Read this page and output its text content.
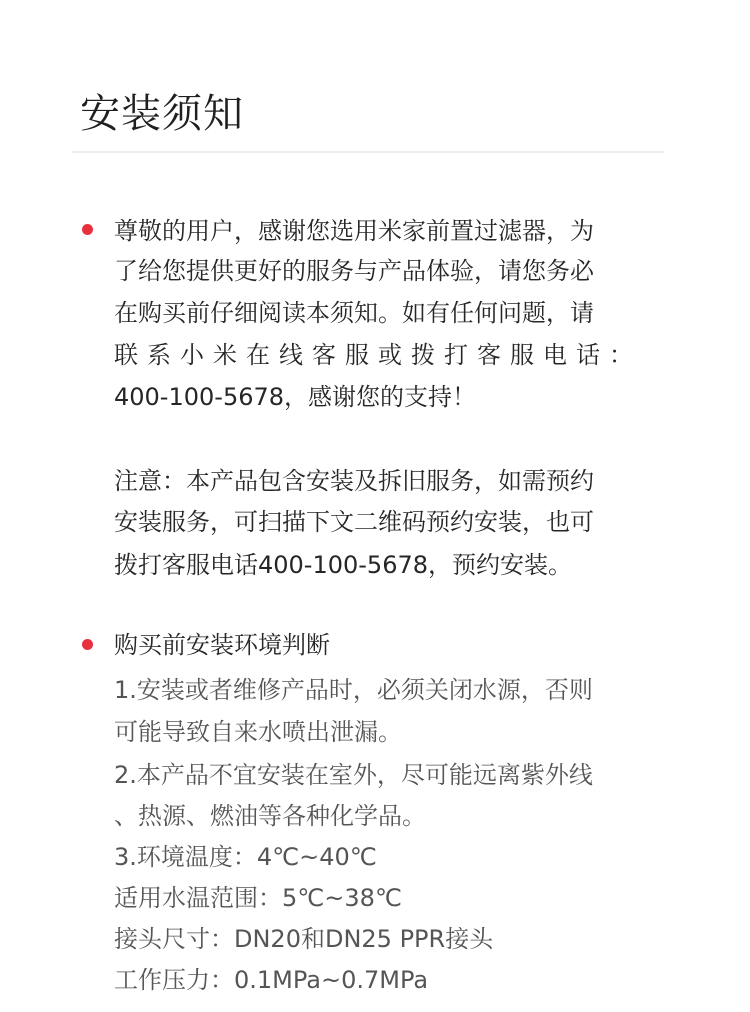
安装须知
尊敬的用户，感谢您选用米家前置过滤器，为
了给您提供更好的服务与产品体验，请您务必
在购买前仔细阅读本须知。如有任何问题，请
联系小米在线客服或拨打客服电话：
400-100-5678，感谢您的支持！
注意：本产品包含安装及拆旧服务，如需预约
安装服务，可扫描下文二维码预约安装，也可
拨打客服电话400-100-5678，预约安装。
购买前安装环境判断
1.安装或者维修产品时，必须关闭水源，否则
可能导致自来水喷出泄漏。
2.本产品不宜安装在室外，尽可能远离紫外线
、热源、燃油等各种化学品。
3.环境温度：4℃~40℃
适用水温范围：5℃~38℃
接头尺寸：DN20和DN25 PPR接头
工作压力：0.1MPa~0.7MPa
